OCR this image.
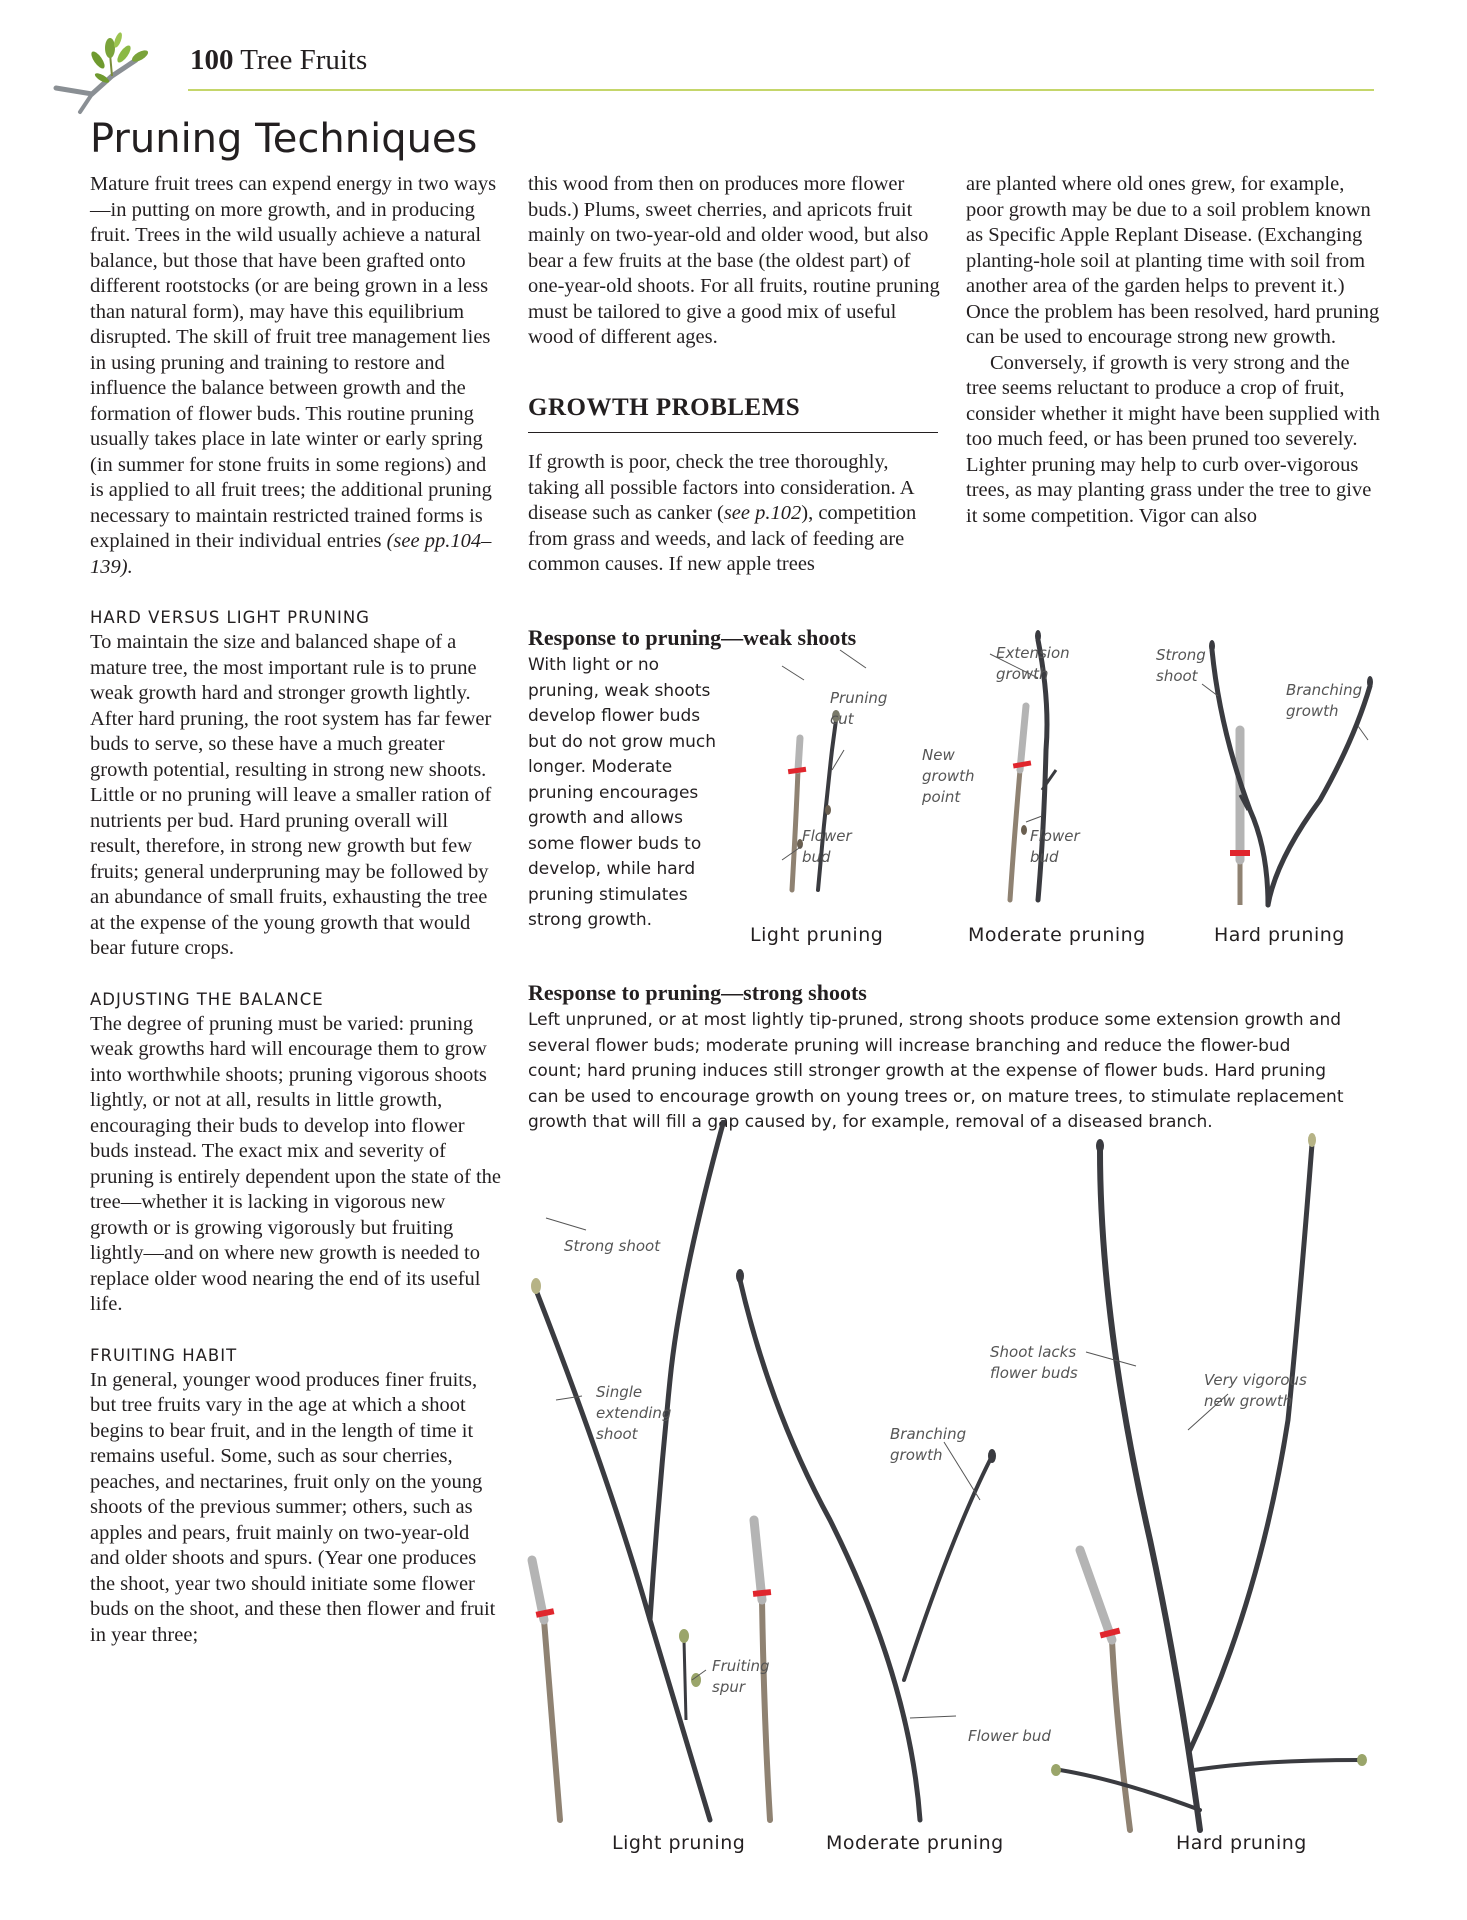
100 Tree Fruits
Pruning Techniques

Mature fruit trees can expend energy in two ways—in putting on more growth, and in producing fruit. Trees in the wild usually achieve a natural balance, but those that have been grafted onto different rootstocks (or are being grown in a less than natural form), may have this equilibrium disrupted. The skill of fruit tree management lies in using pruning and training to restore and influence the balance between growth and the formation of flower buds. This routine pruning usually takes place in late winter or early spring (in summer for stone fruits in some regions) and is applied to all fruit trees; the additional pruning necessary to maintain restricted trained forms is explained in their individual entries (see pp.104–139).

HARD VERSUS LIGHT PRUNING

To maintain the size and balanced shape of a mature tree, the most important rule is to prune weak growth hard and stronger growth lightly. After hard pruning, the root system has far fewer buds to serve, so these have a much greater growth potential, resulting in strong new shoots. Little or no pruning will leave a smaller ration of nutrients per bud. Hard pruning overall will result, therefore, in strong new growth but few fruits; general underpruning may be followed by an abundance of small fruits, exhausting the tree at the expense of the young growth that would bear future crops.

ADJUSTING THE BALANCE

The degree of pruning must be varied: pruning weak growths hard will encourage them to grow into worthwhile shoots; pruning vigorous shoots lightly, or not at all, results in little growth, encouraging their buds to develop into flower buds instead. The exact mix and severity of pruning is entirely dependent upon the state of the tree—whether it is lacking in vigorous new growth or is growing vigorously but fruiting lightly—and on where new growth is needed to replace older wood nearing the end of its useful life.

FRUITING HABIT

In general, younger wood produces finer fruits, but tree fruits vary in the age at which a shoot begins to bear fruit, and in the length of time it remains useful. Some, such as sour cherries, peaches, and nectarines, fruit only on the young shoots of the previous summer; others, such as apples and pears, fruit mainly on two-year-old and older shoots and spurs. (Year one produces the shoot, year two should initiate some flower buds on the shoot, and these then flower and fruit in year three;

this wood from then on produces more flower buds.) Plums, sweet cherries, and apricots fruit mainly on two-year-old and older wood, but also bear a few fruits at the base (the oldest part) of one-year-old shoots. For all fruits, routine pruning must be tailored to give a good mix of useful wood of different ages.

GROWTH PROBLEMS

If growth is poor, check the tree thoroughly, taking all possible factors into consideration. A disease such as canker (see p.102), competition from grass and weeds, and lack of feeding are common causes. If new apple trees

are planted where old ones grew, for example, poor growth may be due to a soil problem known as Specific Apple Replant Disease. (Exchanging planting-hole soil at planting time with soil from another area of the garden helps to prevent it.) Once the problem has been resolved, hard pruning can be used to encourage strong new growth.

Conversely, if growth is very strong and the tree seems reluctant to produce a crop of fruit, consider whether it might have been supplied with too much feed, or has been pruned too severely. Lighter pruning may help to curb over-vigorous trees, as may planting grass under the tree to give it some competition. Vigor can also

Response to pruning—weak shoots
With light or no pruning, weak shoots develop flower buds but do not grow much longer. Moderate pruning encourages growth and allows some flower buds to develop, while hard pruning stimulates strong growth.
Pruning cut
New growth point
Flower bud
Extension growth
Flower bud
Strong shoot
Branching growth
Light pruning	Moderate pruning	Hard pruning
Response to pruning—strong shoots
Left unpruned, or at most lightly tip-pruned, strong shoots produce some extension growth and several flower buds; moderate pruning will increase branching and reduce the flower-bud count; hard pruning induces still stronger growth at the expense of flower buds. Hard pruning can be used to encourage growth on young trees or, on mature trees, to stimulate replacement growth that will fill a gap caused by, for example, removal of a diseased branch.
Strong shoot
Single extending shoot
Fruiting spur
Branching growth
Shoot lacks flower buds
Flower bud
Very vigorous new growth
Light pruning	Moderate pruning	Hard pruning
